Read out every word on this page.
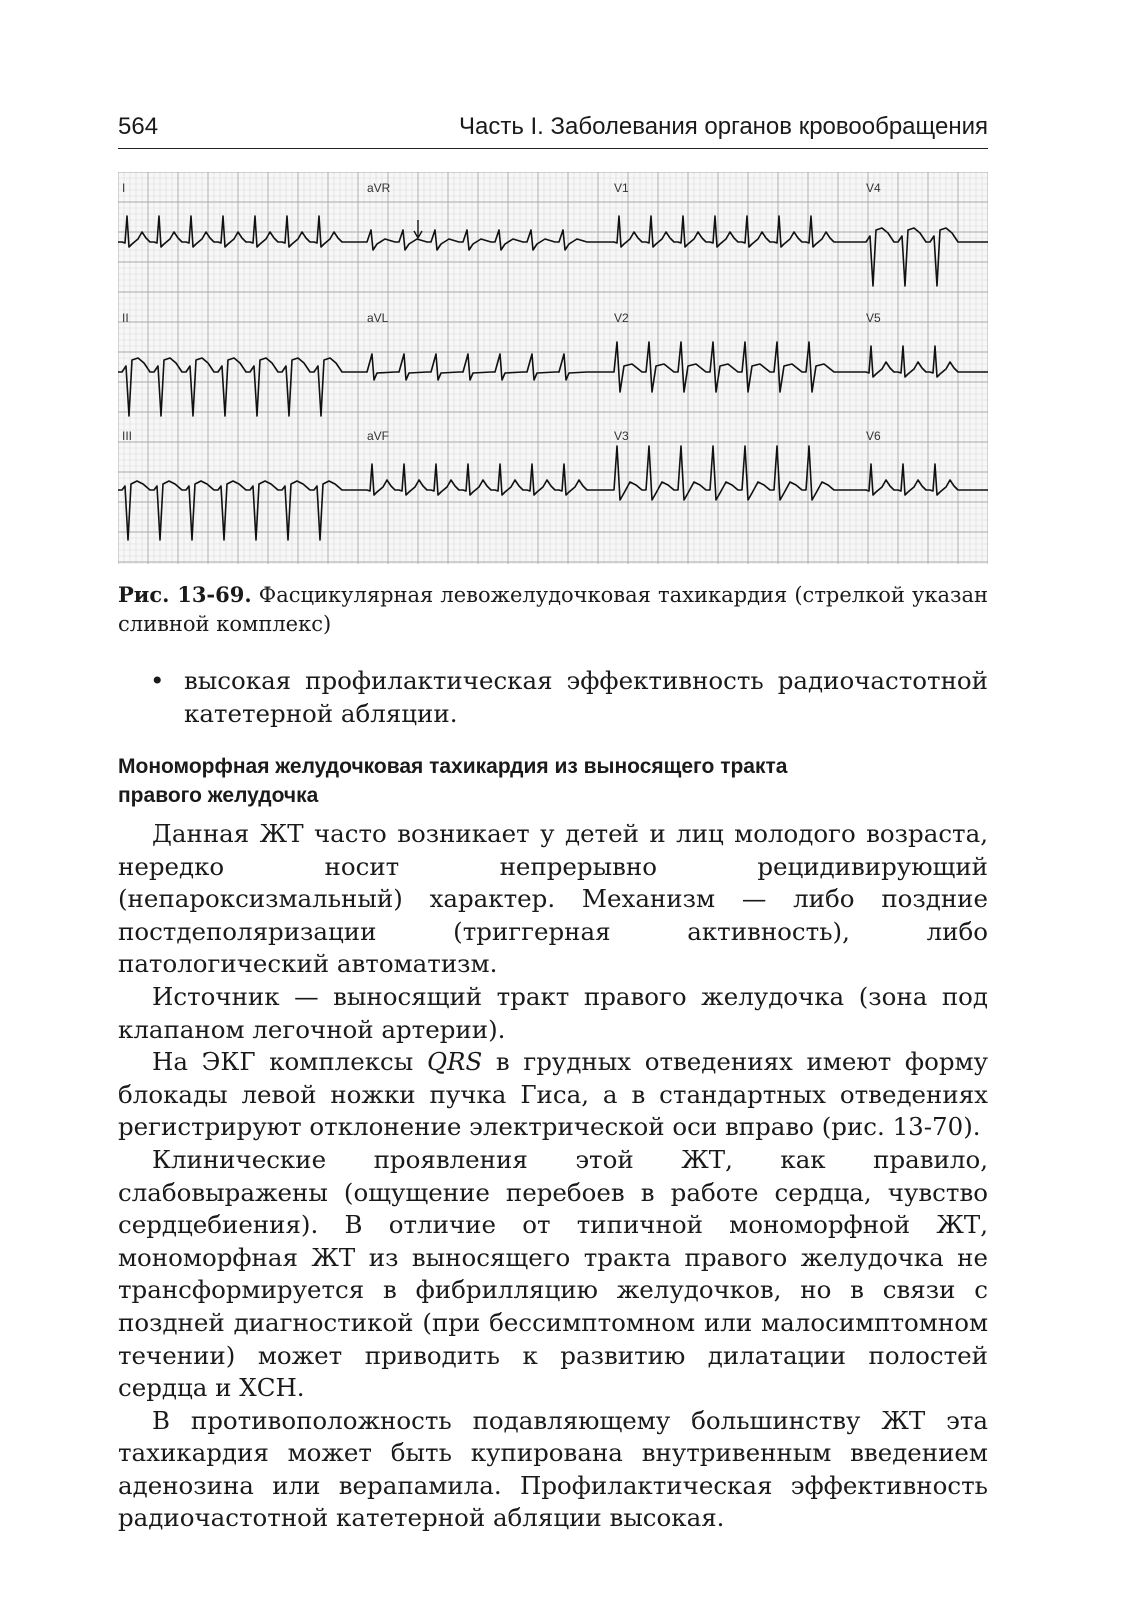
564	Часть I. Заболевания органов кровообращения
I	aVR	V1	V4
II	aVL	V2	V5
III	aVF	V3	V6
Рис. 13-69. Фасцикулярная левожелудочковая тахикардия (стрелкой указан сливной комплекс)
• высокая профилактическая эффективность радиочастотной катетерной абляции.
Мономорфная желудочковая тахикардия из выносящего тракта
правого желудочка

Данная ЖТ часто возникает у детей и лиц молодого возраста, нередко носит непрерывно рецидивирующий (непароксизмальный) характер. Механизм — либо поздние постдеполяризации (триггерная активность), либо патологический автоматизм.

Источник — выносящий тракт правого желудочка (зона под клапаном легочной артерии).

На ЭКГ комплексы QRS в грудных отведениях имеют форму блокады левой ножки пучка Гиса, а в стандартных отведениях регистрируют отклонение электрической оси вправо (рис. 13-70).

Клинические проявления этой ЖТ, как правило, слабовыражены (ощущение перебоев в работе сердца, чувство сердцебиения). В отличие от типичной мономорфной ЖТ, мономорфная ЖТ из выносящего тракта правого желудочка не трансформируется в фибрилляцию желудочков, но в связи с поздней диагностикой (при бессимптомном или малосимптомном течении) может приводить к развитию дилатации полостей сердца и ХСН.

В противоположность подавляющему большинству ЖТ эта тахикардия может быть купирована внутривенным введением аденозина или верапамила. Профилактическая эффективность радиочастотной катетерной абляции высокая.
